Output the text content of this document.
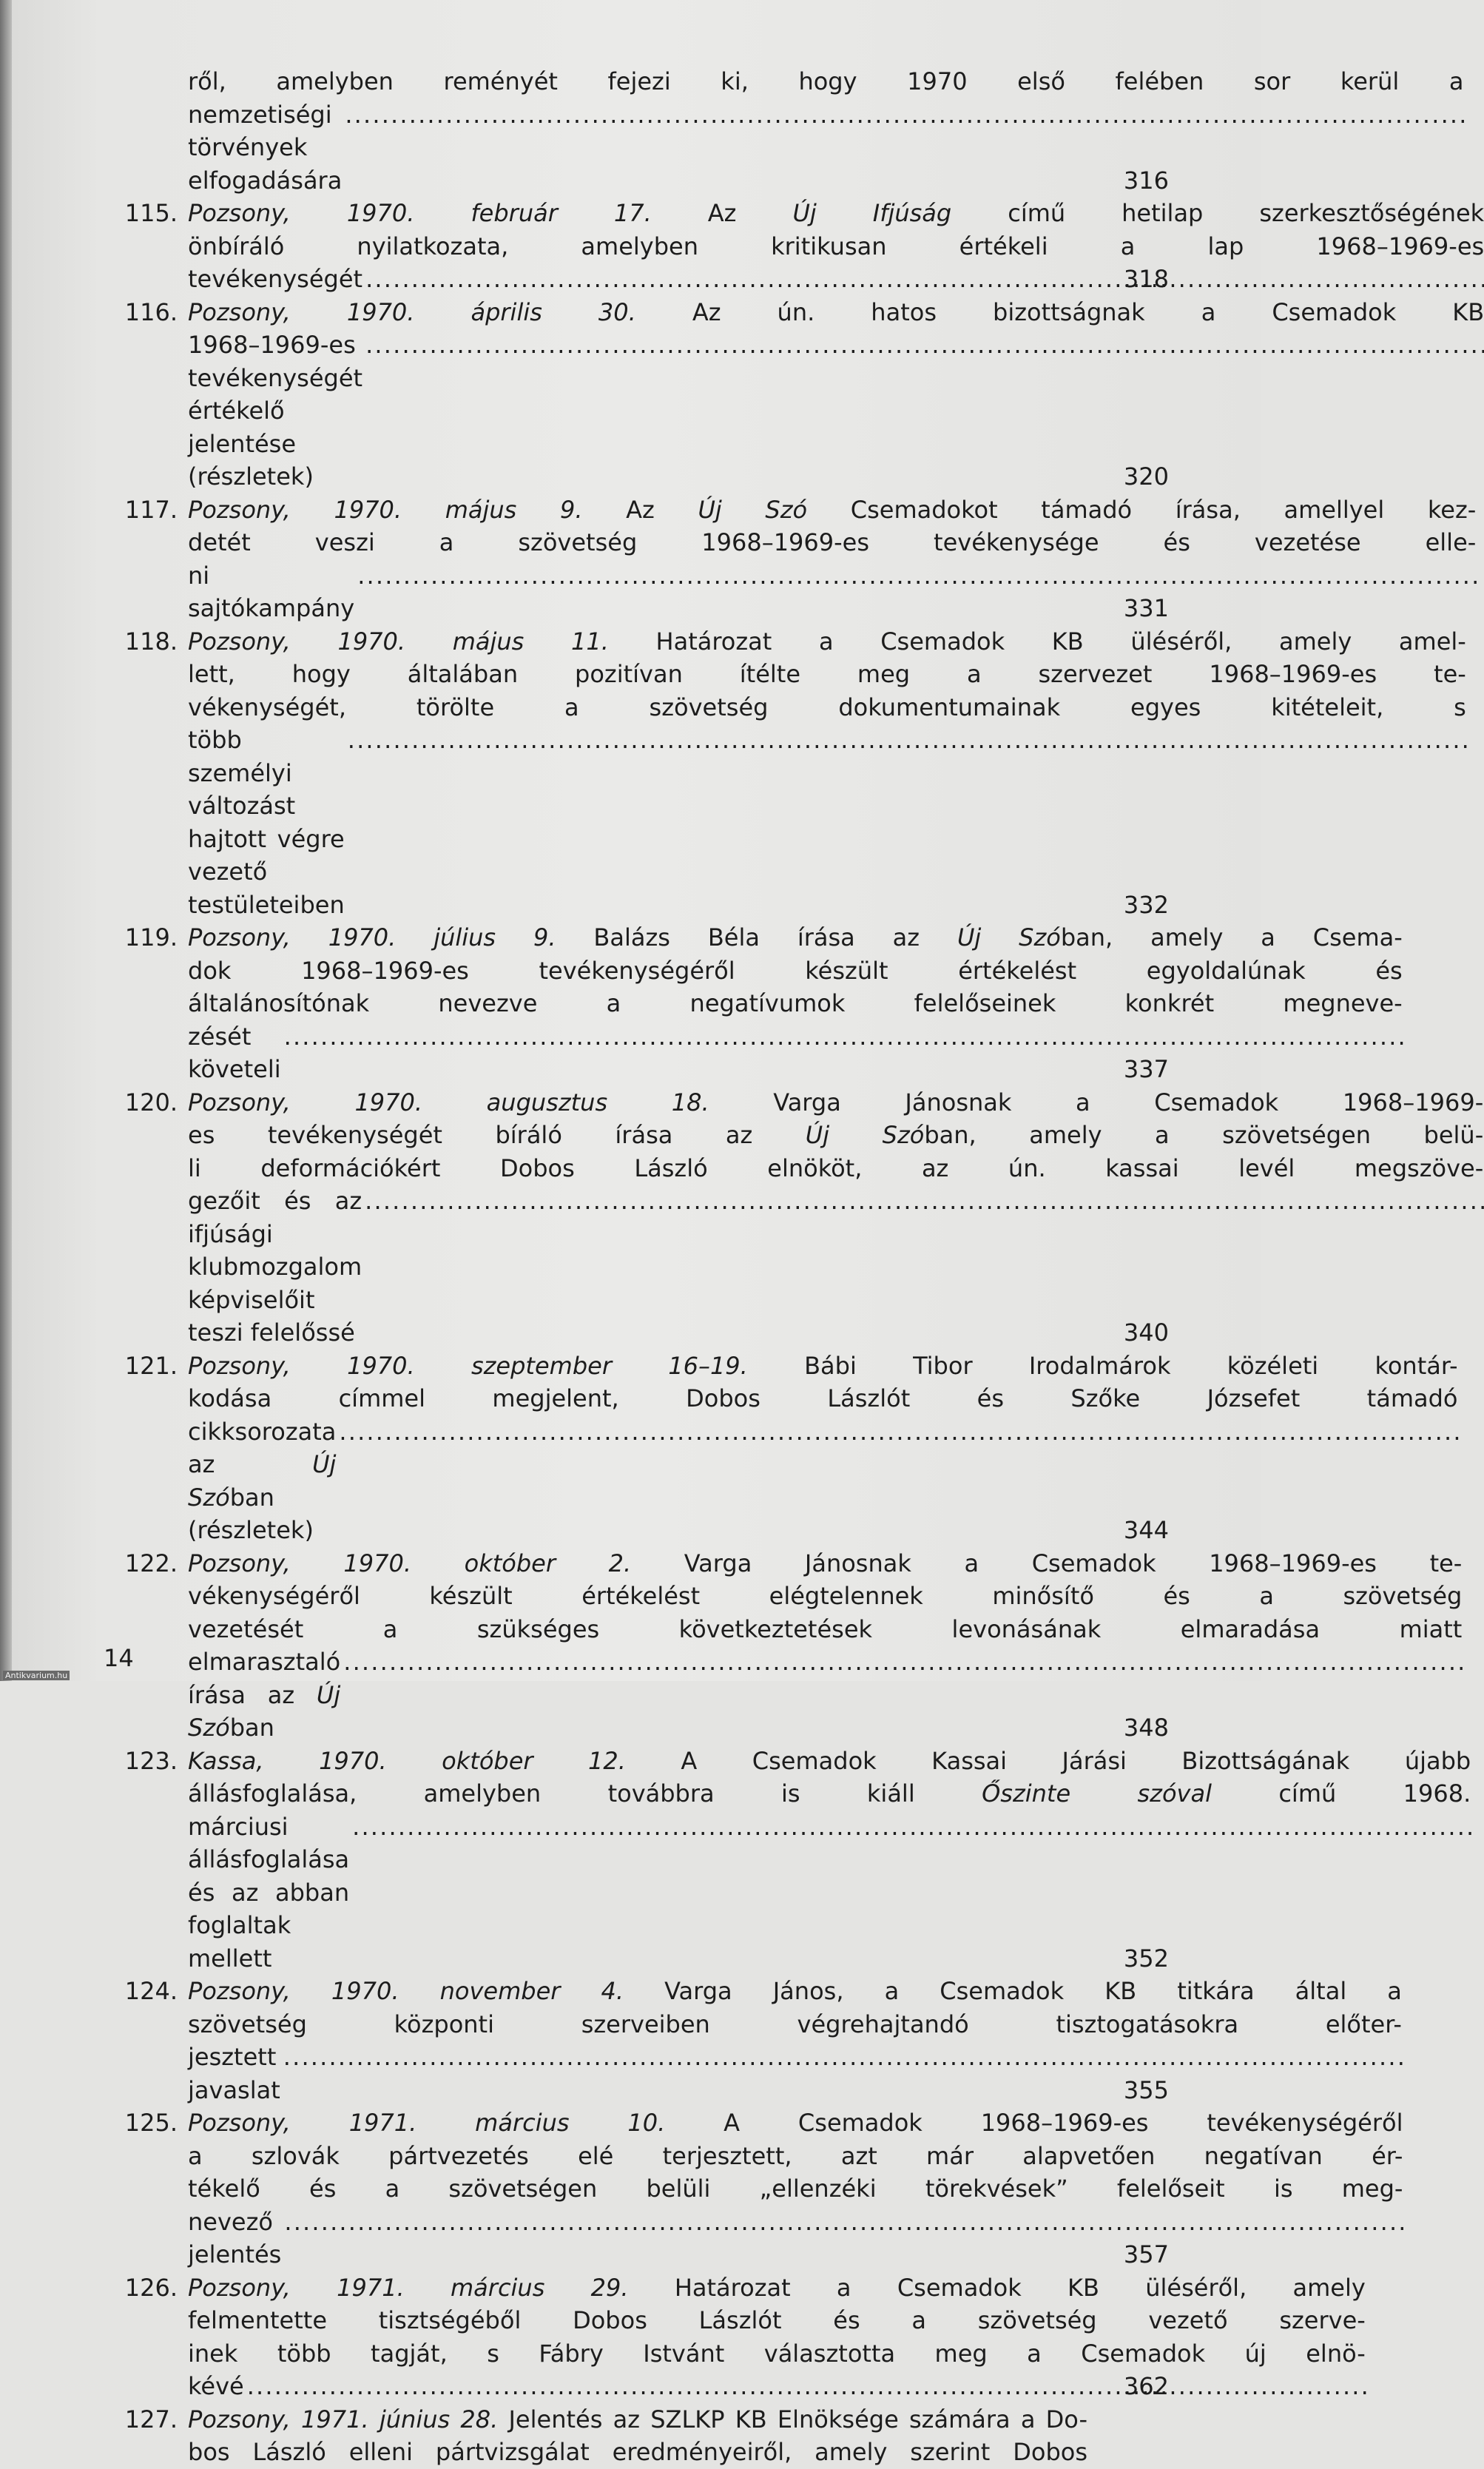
ről, amelyben reményét fejezi ki, hogy 1970 első felében sor kerül a
nemzetiségi törvények elfogadására . . .	316
115. Pozsony, 1970. február 17. Az Új Ifjúság című hetilap szerkesztőségének
önbíráló nyilatkozata, amelyben kritikusan értékeli a lap 1968–1969-es
tevékenységét . . .	318
116. Pozsony, 1970. április 30. Az ún. hatos bizottságnak a Csemadok KB
1968–1969-es tevékenységét értékelő jelentése (részletek) . . .	320
117. Pozsony, 1970. május 9. Az Új Szó Csemadokot támadó írása, amellyel kez-
detét veszi a szövetség 1968–1969-es tevékenysége és vezetése elle-
ni sajtókampány . . .	331
118. Pozsony, 1970. május 11. Határozat a Csemadok KB üléséről, amely amel-
lett, hogy általában pozitívan ítélte meg a szervezet 1968–1969-es te-
vékenységét, törölte a szövetség dokumentumainak egyes kitételeit, s
több személyi változást hajtott végre vezető testületeiben . . .	332
119. Pozsony, 1970. július 9. Balázs Béla írása az Új Szóban, amely a Csema-
dok 1968–1969-es tevékenységéről készült értékelést egyoldalúnak és
általánosítónak nevezve a negatívumok felelőseinek konkrét megneve-
zését követeli . . .	337
120. Pozsony, 1970. augusztus 18.	Varga Jánosnak a Csemadok 1968–1969-
es tevékenységét bíráló írása az Új Szóban, amely a szövetségen belü-
li deformációkért Dobos László elnököt, az ún. kassai levél megszöve-
gezőit és az ifjúsági klubmozgalom képviselőit teszi felelőssé . . .	340
121. Pozsony, 1970. szeptember 16–19. Bábi Tibor Irodalmárok közéleti kontár-
kodása címmel megjelent, Dobos Lászlót és Szőke Józsefet támadó
cikksorozata az Új Szóban (részletek) . . .	344
122. Pozsony, 1970. október 2. Varga Jánosnak a Csemadok 1968–1969-es te-
vékenységéről készült értékelést elégtelennek minősítő és a szövetség
vezetését a szükséges következtetések levonásának elmaradása miatt
elmarasztaló írása az Új Szóban . . .	348
123. Kassa, 1970. október 12. A Csemadok Kassai Járási Bizottságának újabb
állásfoglalása, amelyben továbbra is kiáll Őszinte szóval című 1968.
márciusi állásfoglalása és az abban foglaltak mellett . . .	352
124. Pozsony, 1970. november 4. Varga János, a Csemadok KB titkára által a
szövetség központi szerveiben végrehajtandó tisztogatásokra előter-
jesztett javaslat . . .	355
125. Pozsony, 1971. március 10. A Csemadok 1968–1969-es tevékenységéről
a szlovák pártvezetés elé terjesztett, azt már alapvetően negatívan ér-
tékelő és a szövetségen belüli „ellenzéki törekvések” felelőseit is meg-
nevező jelentés . . .	357
126. Pozsony, 1971. március 29. Határozat a Csemadok KB üléséről, amely
felmentette tisztségéből Dobos Lászlót és a szövetség vezető szerve-
inek több tagját, s Fábry Istvánt választotta meg a Csemadok új elnö-
kévé . . .	362
127. Pozsony, 1971. június 28. Jelentés az SZLKP KB Elnöksége számára a Do-
bos László elleni pártvizsgálat eredményeiről, amely szerint Dobos
14
Antikvarium.hu
